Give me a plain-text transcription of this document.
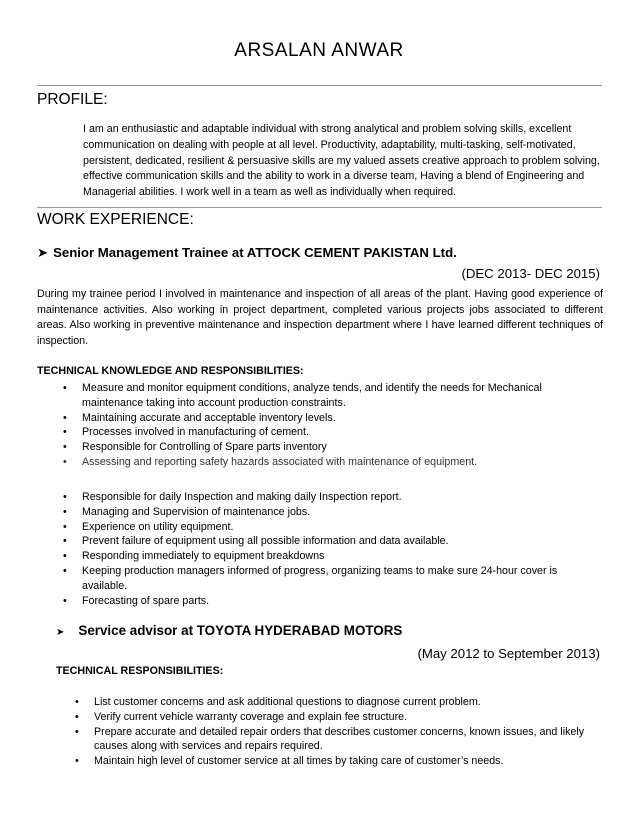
ARSALAN ANWAR
PROFILE:
I am an enthusiastic and adaptable individual with strong analytical and problem solving skills, excellent communication on dealing with people at all level. Productivity, adaptability, multi-tasking, self-motivated, persistent, dedicated, resilient & persuasive skills are my valued assets creative approach to problem solving, effective communication skills and the ability to work in a diverse team, Having a blend of Engineering and Managerial abilities. I work well in a team as well as individually when required.
WORK EXPERIENCE:
➤ Senior Management Trainee at ATTOCK CEMENT PAKISTAN Ltd.
(DEC 2013- DEC 2015)
During my trainee period I involved in maintenance and inspection of all areas of the plant. Having good experience of maintenance activities. Also working in project department, completed various projects jobs associated to different areas. Also working in preventive maintenance and inspection department where I have learned different techniques of inspection.
TECHNICAL KNOWLEDGE AND RESPONSIBILITIES:
• Measure and monitor equipment conditions, analyze tends, and identify the needs for Mechanical maintenance taking into account production constraints.
• Maintaining accurate and acceptable inventory levels.
• Processes involved in manufacturing of cement.
• Responsible for Controlling of Spare parts inventory
• Assessing and reporting safety hazards associated with maintenance of equipment.
• Responsible for daily Inspection and making daily Inspection report.
• Managing and Supervision of maintenance jobs.
• Experience on utility equipment.
• Prevent failure of equipment using all possible information and data available.
• Responding immediately to equipment breakdowns
• Keeping production managers informed of progress, organizing teams to make sure 24-hour cover is available.
• Forecasting of spare parts.
➤ Service advisor at TOYOTA HYDERABAD MOTORS
(May 2012 to September 2013)
TECHNICAL RESPONSIBILITIES:
• List customer concerns and ask additional questions to diagnose current problem.
• Verify current vehicle warranty coverage and explain fee structure.
• Prepare accurate and detailed repair orders that describes customer concerns, known issues, and likely causes along with services and repairs required.
• Maintain high level of customer service at all times by taking care of customer’s needs.
